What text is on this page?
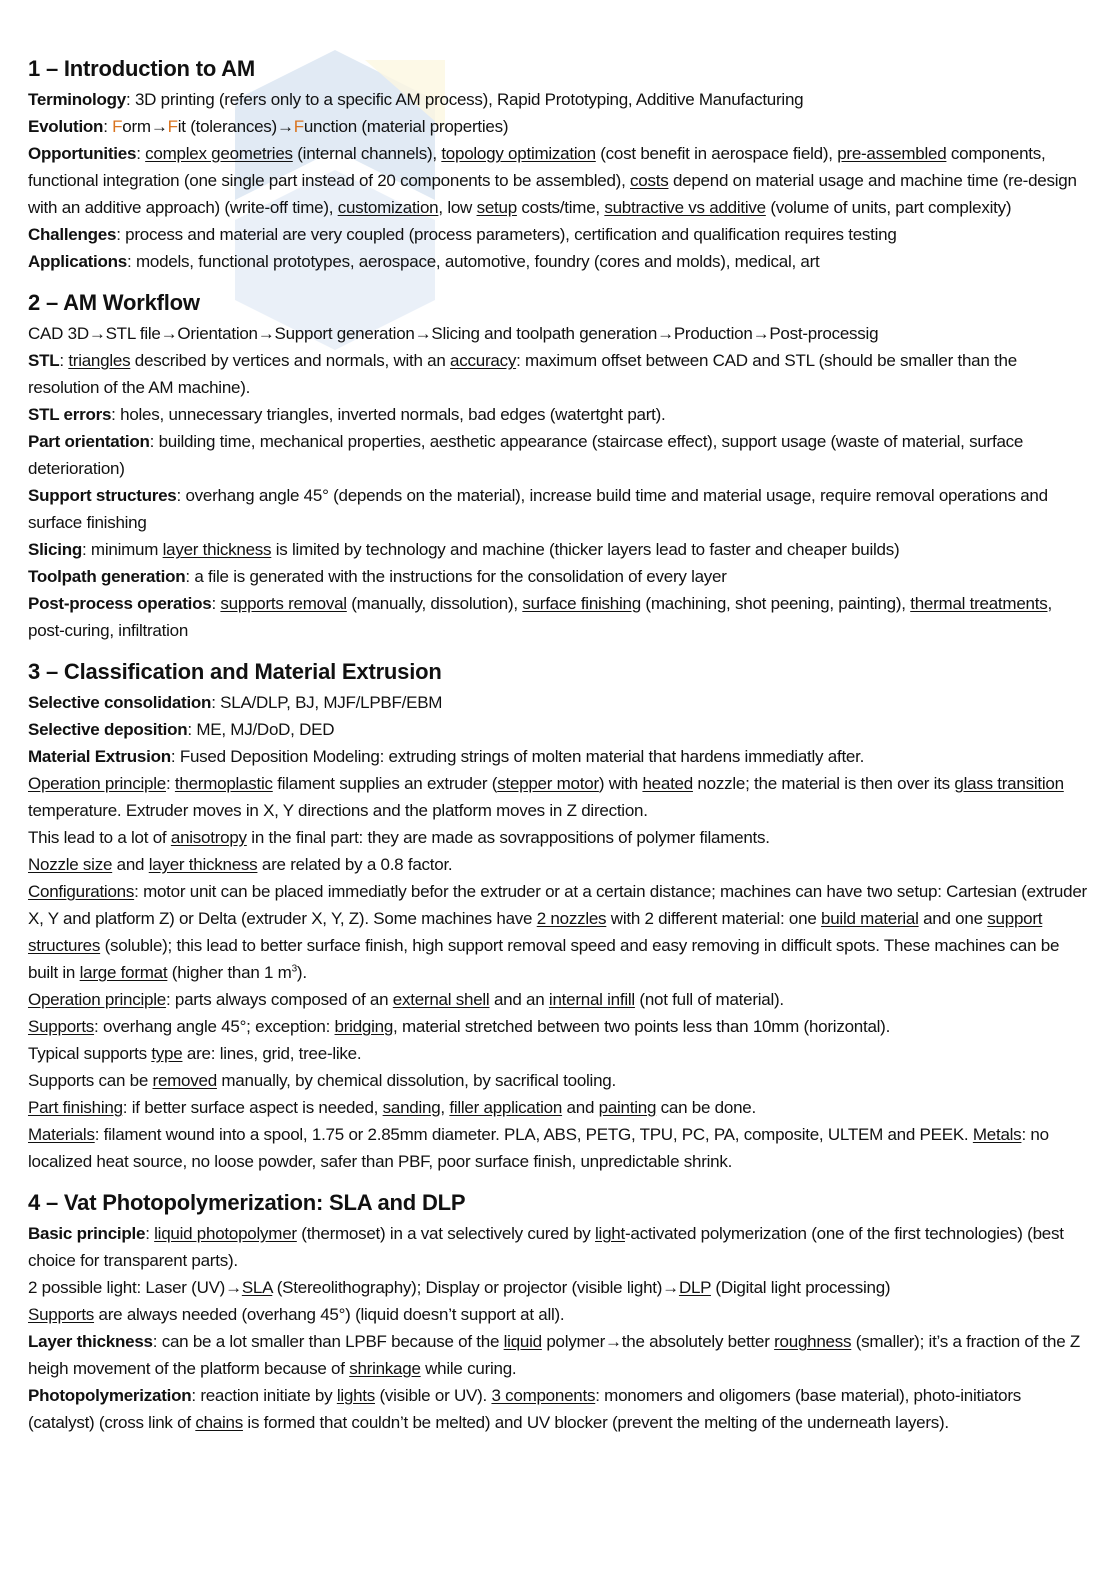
1 – Introduction to AM

Terminology: 3D printing (refers only to a specific AM process), Rapid Prototyping, Additive Manufacturing

Evolution: Form→Fit (tolerances)→Function (material properties)

Opportunities: complex geometries (internal channels), topology optimization (cost benefit in aerospace field), pre-assembled components, functional integration (one single part instead of 20 components to be assembled), costs depend on material usage and machine time (re-design with an additive approach) (write-off time), customization, low setup costs/time, subtractive vs additive (volume of units, part complexity)

Challenges: process and material are very coupled (process parameters), certification and qualification requires testing

Applications: models, functional prototypes, aerospace, automotive, foundry (cores and molds), medical, art

2 – AM Workflow

CAD 3D→STL file→Orientation→Support generation→Slicing and toolpath generation→Production→Post-processig

STL: triangles described by vertices and normals, with an accuracy: maximum offset between CAD and STL (should be smaller than the resolution of the AM machine).

STL errors: holes, unnecessary triangles, inverted normals, bad edges (watertght part).

Part orientation: building time, mechanical properties, aesthetic appearance (staircase effect), support usage (waste of material, surface deterioration)

Support structures: overhang angle 45° (depends on the material), increase build time and material usage, require removal operations and surface finishing

Slicing: minimum layer thickness is limited by technology and machine (thicker layers lead to faster and cheaper builds)

Toolpath generation: a file is generated with the instructions for the consolidation of every layer

Post-process operatios: supports removal (manually, dissolution), surface finishing (machining, shot peening, painting), thermal treatments, post-curing, infiltration

3 – Classification and Material Extrusion

Selective consolidation: SLA/DLP, BJ, MJF/LPBF/EBM

Selective deposition: ME, MJ/DoD, DED

Material Extrusion: Fused Deposition Modeling: extruding strings of molten material that hardens immediatly after.

Operation principle: thermoplastic filament supplies an extruder (stepper motor) with heated nozzle; the material is then over its glass transition temperature. Extruder moves in X, Y directions and the platform moves in Z direction.

This lead to a lot of anisotropy in the final part: they are made as sovrappositions of polymer filaments.

Nozzle size and layer thickness are related by a 0.8 factor.

Configurations: motor unit can be placed immediatly befor the extruder or at a certain distance; machines can have two setup: Cartesian (extruder X, Y and platform Z) or Delta (extruder X, Y, Z). Some machines have 2 nozzles with 2 different material: one build material and one support structures (soluble); this lead to better surface finish, high support removal speed and easy removing in difficult spots. These machines can be built in large format (higher than 1 $m^3$).

Operation principle: parts always composed of an external shell and an internal infill (not full of material).

Supports: overhang angle 45°; exception: bridging, material stretched between two points less than 10mm (horizontal).

Typical supports type are: lines, grid, tree-like.

Supports can be removed manually, by chemical dissolution, by sacrifical tooling.

Part finishing: if better surface aspect is needed, sanding, filler application and painting can be done.

Materials: filament wound into a spool, 1.75 or 2.85mm diameter. PLA, ABS, PETG, TPU, PC, PA, composite, ULTEM and PEEK. Metals: no localized heat source, no loose powder, safer than PBF, poor surface finish, unpredictable shrink.

4 – Vat Photopolymerization: SLA and DLP

Basic principle: liquid photopolymer (thermoset) in a vat selectively cured by light-activated polymerization (one of the first technologies) (best choice for transparent parts).

2 possible light: Laser (UV)→SLA (Stereolithography); Display or projector (visible light)→DLP (Digital light processing)

Supports are always needed (overhang 45°) (liquid doesn’t support at all).

Layer thickness: can be a lot smaller than LPBF because of the liquid polymer→the absolutely better roughness (smaller); it’s a fraction of the Z heigh movement of the platform because of shrinkage while curing.

Photopolymerization: reaction initiate by lights (visible or UV). 3 components: monomers and oligomers (base material), photo-initiators (catalyst) (cross link of chains is formed that couldn’t be melted) and UV blocker (prevent the melting of the underneath layers).
